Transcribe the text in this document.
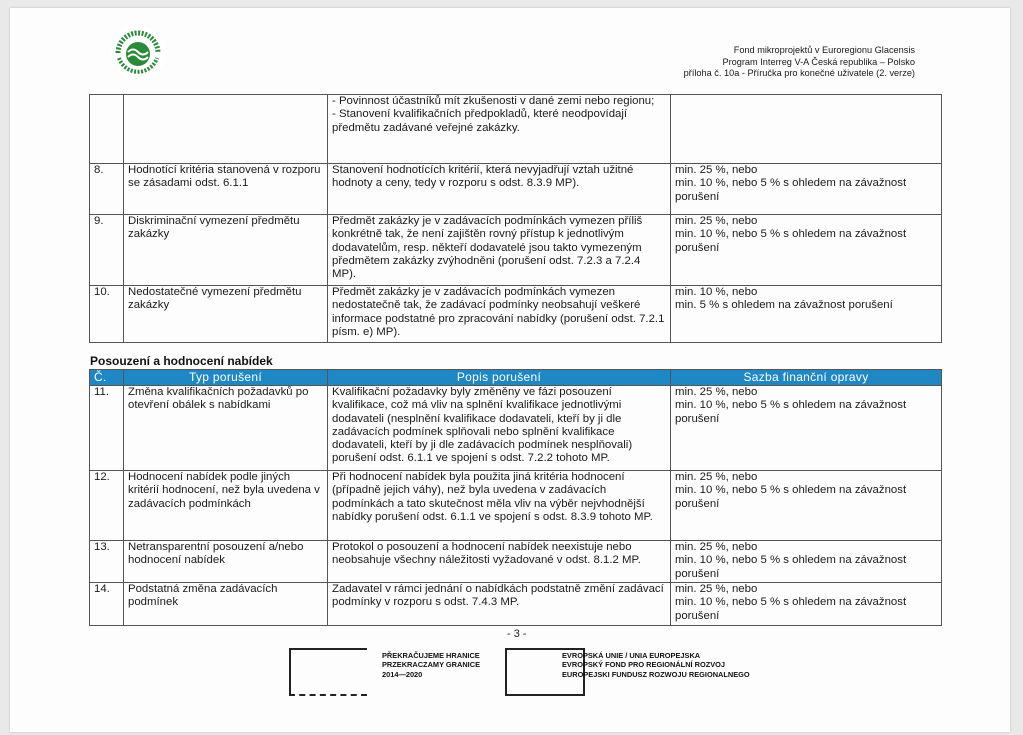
Fond mikroprojektů v Euroregionu Glacensis
Program Interreg V-A Česká republika – Polsko
příloha č. 10a - Příručka pro konečné uživatele (2. verze)
		- Povinnost účastníků mít zkušenosti v dané zemi nebo regionu;
- Stanovení kvalifikačních předpokladů, které neodpovídají předmětu zadávané veřejné zakázky.	
8.	Hodnotící kritéria stanovená v rozporu se zásadami odst. 6.1.1	Stanovení hodnotících kritérií, která nevyjadřují vztah užitné hodnoty a ceny, tedy v rozporu s odst. 8.3.9 MP).	min. 25 %, nebo
min. 10 %, nebo 5 % s ohledem na závažnost porušení
9.	Diskriminační vymezení předmětu zakázky	Předmět zakázky je v zadávacích podmínkách vymezen příliš konkrétně tak, že není zajištěn rovný přístup k jednotlivým dodavatelům, resp. někteří dodavatelé jsou takto vymezeným předmětem zakázky zvýhodněni (porušení odst. 7.2.3 a 7.2.4 MP).	min. 25 %, nebo
min. 10 %, nebo 5 % s ohledem na závažnost porušení
10.	Nedostatečné vymezení předmětu zakázky	Předmět zakázky je v zadávacích podmínkách vymezen nedostatečně tak, že zadávací podmínky neobsahují veškeré informace podstatné pro zpracování nabídky (porušení odst. 7.2.1 písm. e) MP).	min. 10 %, nebo
min. 5 % s ohledem na závažnost porušení
Posouzení a hodnocení nabídek
Č.	Typ porušení	Popis porušení	Sazba finanční opravy
11.	Změna kvalifikačních požadavků po otevření obálek s nabídkami	Kvalifikační požadavky byly změněny ve fázi posouzení kvalifikace, což má vliv na splnění kvalifikace jednotlivými dodavateli (nesplnění kvalifikace dodavateli, kteří by ji dle zadávacích podmínek splňovali nebo splnění kvalifikace dodavateli, kteří by ji dle zadávacích podmínek nesplňovali) porušení odst. 6.1.1 ve spojení s odst. 7.2.2 tohoto MP.	min. 25 %, nebo
min. 10 %, nebo 5 % s ohledem na závažnost porušení
12.	Hodnocení nabídek podle jiných kritérií hodnocení, než byla uvedena v zadávacích podmínkách	Při hodnocení nabídek byla použita jiná kritéria hodnocení (případně jejich váhy), než byla uvedena v zadávacích podmínkách a tato skutečnost měla vliv na výběr nejvhodnější nabídky porušení odst. 6.1.1 ve spojení s odst. 8.3.9 tohoto MP.	min. 25 %, nebo
min. 10 %, nebo 5 % s ohledem na závažnost porušení
13.	Netransparentní posouzení a/nebo hodnocení nabídek	Protokol o posouzení a hodnocení nabídek neexistuje nebo neobsahuje všechny náležitosti vyžadované v odst. 8.1.2 MP.	min. 25 %, nebo
min. 10 %, nebo 5 % s ohledem na závažnost porušení
14.	Podstatná změna zadávacích podmínek	Zadavatel v rámci jednání o nabídkách podstatně změní zadávací podmínky v rozporu s odst. 7.4.3 MP.	min. 25 %, nebo
min. 10 %, nebo 5 % s ohledem na závažnost porušení
- 3 -
PŘEKRAČUJEME HRANICE
PRZEKRACZAMY GRANICE
2014—2020
EVROPSKÁ UNIE / UNIA EUROPEJSKA
EVROPSKÝ FOND PRO REGIONÁLNÍ ROZVOJ
EUROPEJSKI FUNDUSZ ROZWOJU REGIONALNEGO
